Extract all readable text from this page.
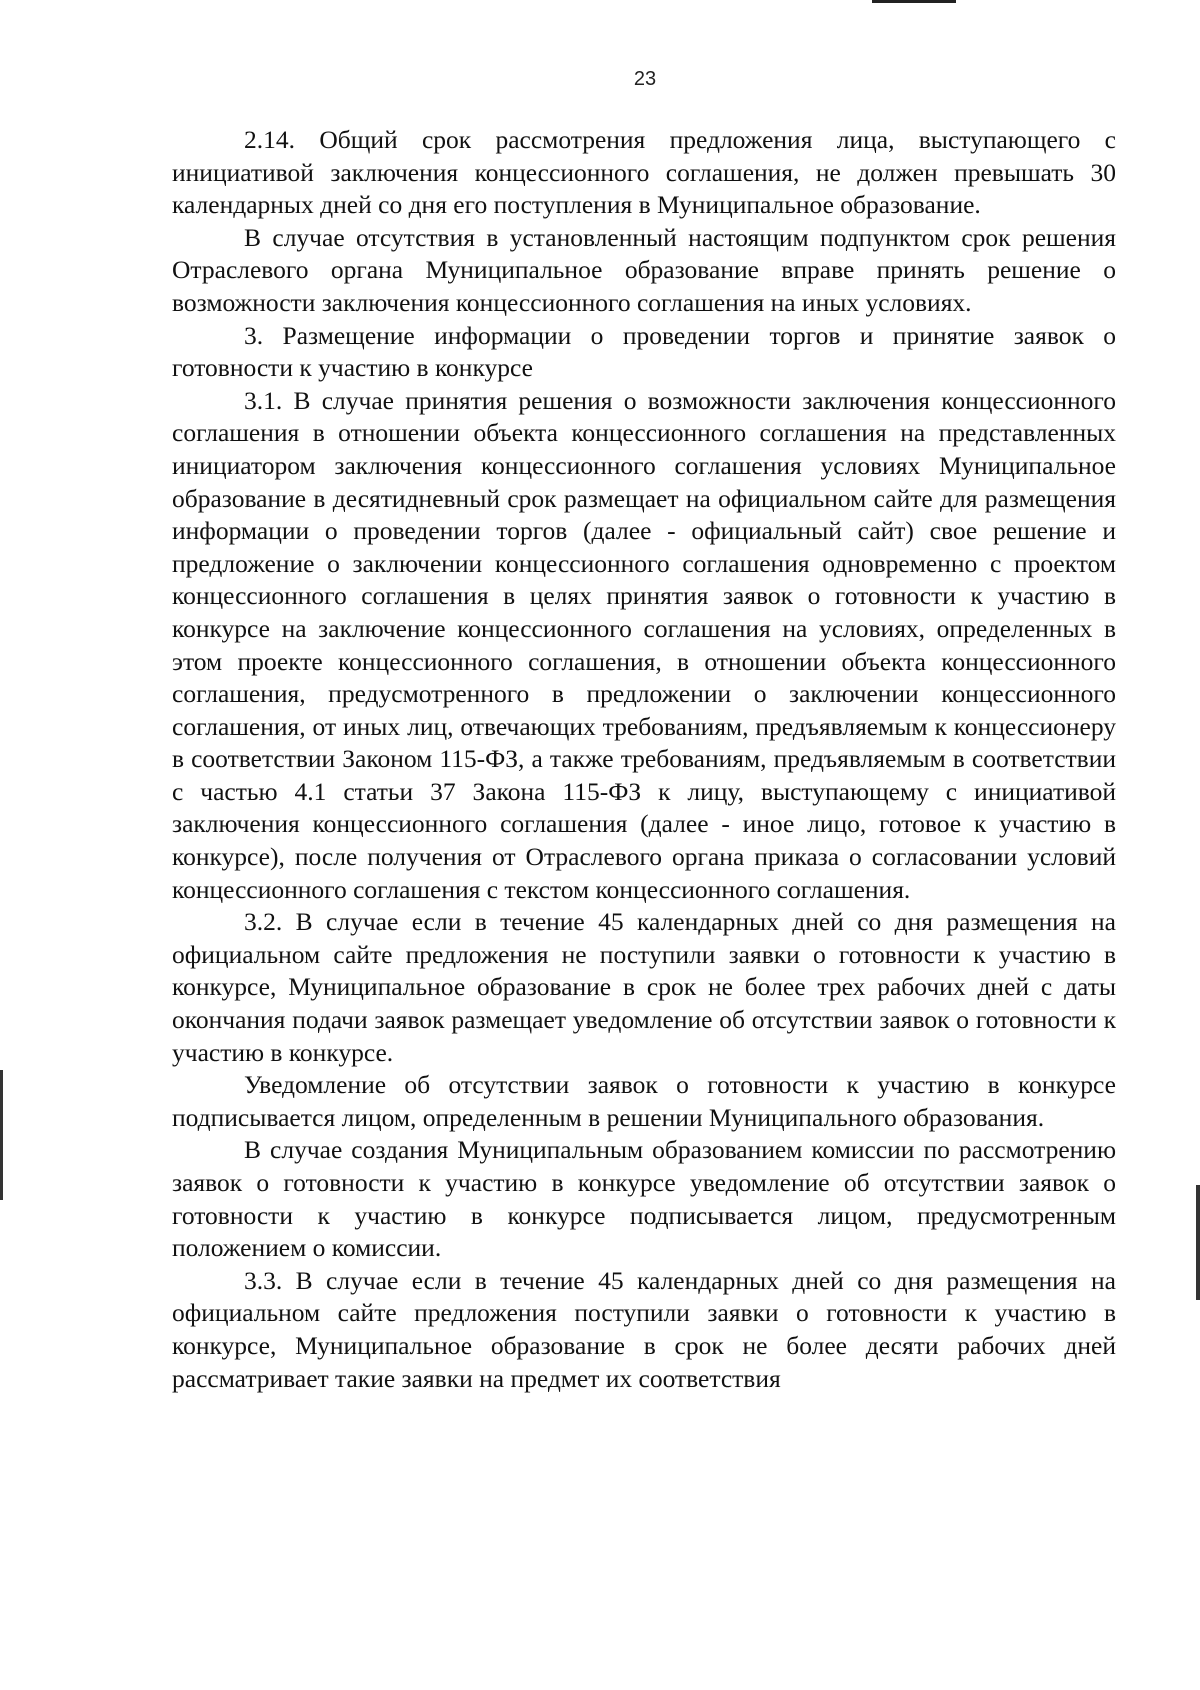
23

2.14. Общий срок рассмотрения предложения лица, выступающего с инициативой заключения концессионного соглашения, не должен превышать 30 календарных дней со дня его поступления в Муниципальное образование.

В случае отсутствия в установленный настоящим подпунктом срок решения Отраслевого органа Муниципальное образование вправе принять решение о возможности заключения концессионного соглашения на иных условиях.

3. Размещение информации о проведении торгов и принятие заявок о готовности к участию в конкурсе

3.1. В случае принятия решения о возможности заключения концессионного соглашения в отношении объекта концессионного соглашения на представленных инициатором заключения концессионного соглашения условиях Муниципальное образование в десятидневный срок размещает на официальном сайте для размещения информации о проведении торгов (далее - официальный сайт) свое решение и предложение о заключении концессионного соглашения одновременно с проектом концессионного соглашения в целях принятия заявок о готовности к участию в конкурсе на заключение концессионного соглашения на условиях, определенных в этом проекте концессионного соглашения, в отношении объекта концессионного соглашения, предусмотренного в предложении о заключении концессионного соглашения, от иных лиц, отвечающих требованиям, предъявляемым к концессионеру в соответствии Законом 115-ФЗ, а также требованиям, предъявляемым в соответствии с частью 4.1 статьи 37 Закона 115-ФЗ к лицу, выступающему с инициативой заключения концессионного соглашения (далее - иное лицо, готовое к участию в конкурсе), после получения от Отраслевого органа приказа о согласовании условий концессионного соглашения с текстом концессионного соглашения.

3.2. В случае если в течение 45 календарных дней со дня размещения на официальном сайте предложения не поступили заявки о готовности к участию в конкурсе, Муниципальное образование в срок не более трех рабочих дней с даты окончания подачи заявок размещает уведомление об отсутствии заявок о готовности к участию в конкурсе.

Уведомление об отсутствии заявок о готовности к участию в конкурсе подписывается лицом, определенным в решении Муниципального образования.

В случае создания Муниципальным образованием комиссии по рассмотрению заявок о готовности к участию в конкурсе уведомление об отсутствии заявок о готовности к участию в конкурсе подписывается лицом, предусмотренным положением о комиссии.

3.3. В случае если в течение 45 календарных дней со дня размещения на официальном сайте предложения поступили заявки о готовности к участию в конкурсе, Муниципальное образование в срок не более десяти рабочих дней рассматривает такие заявки на предмет их соответствия
